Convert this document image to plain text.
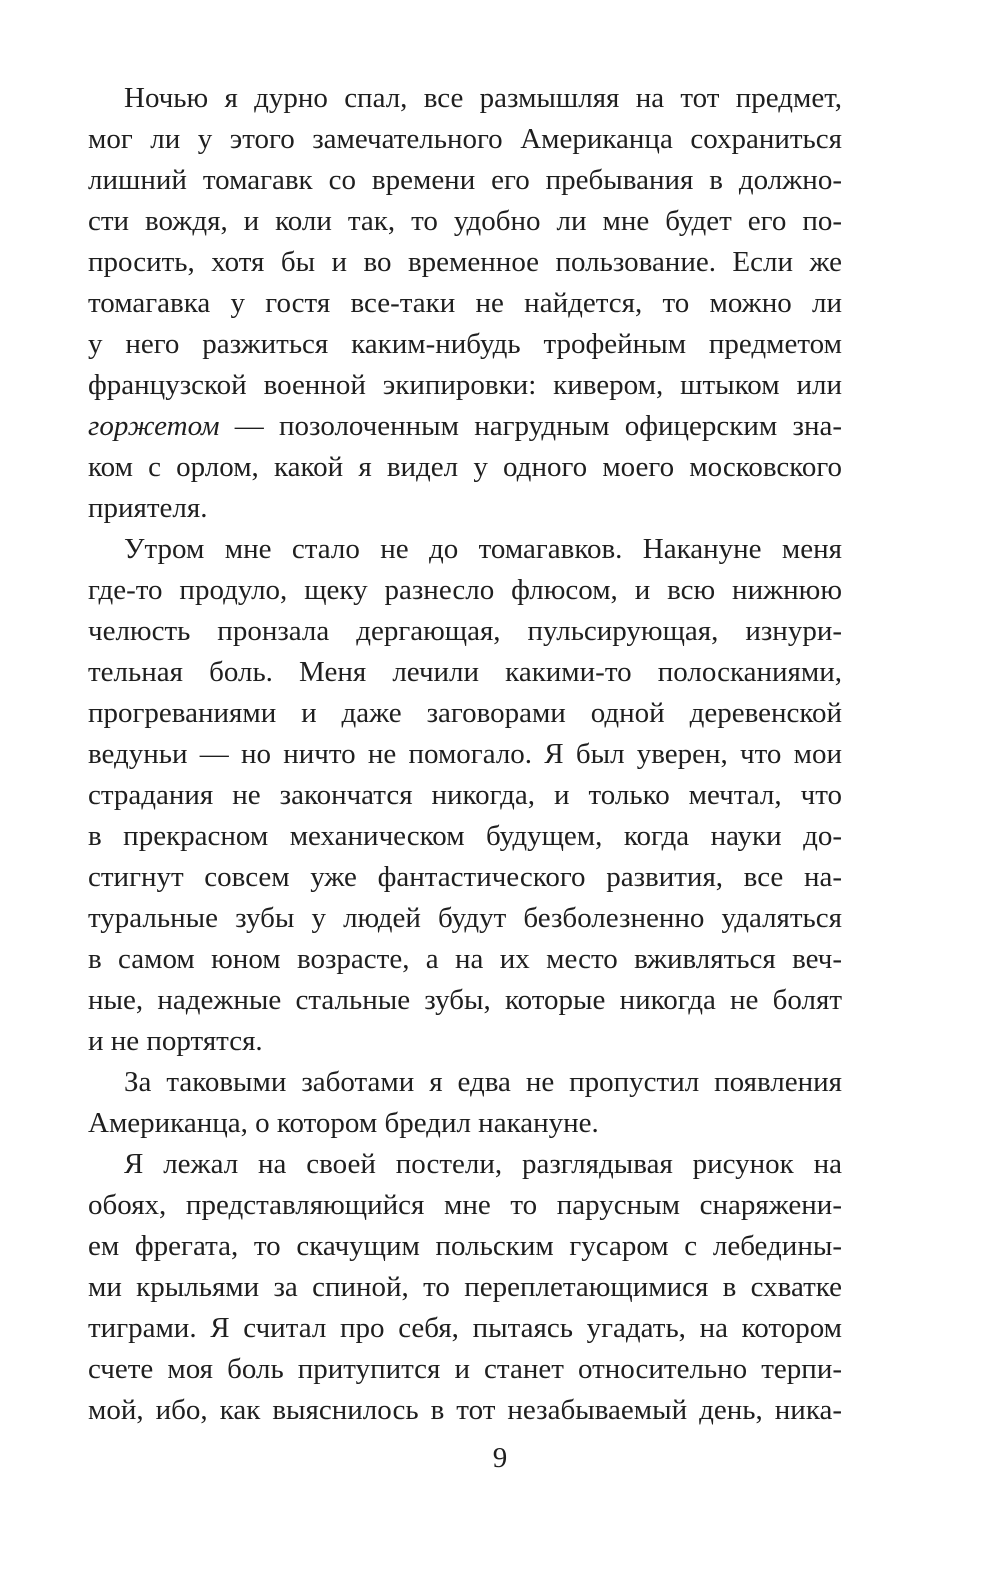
Ночью я дурно спал, все размышляя на тот предмет,
мог ли у этого замечательного Американца сохраниться
лишний томагавк со времени его пребывания в должно-
сти вождя, и коли так, то удобно ли мне будет его по-
просить, хотя бы и во временное пользование. Если же
томагавка у гостя все-таки не найдется, то можно ли
у него разжиться каким-нибудь трофейным предметом
французской военной экипировки: кивером, штыком или
горжетом — позолоченным нагрудным офицерским зна-
ком с орлом, какой я видел у одного моего московского
приятеля.
Утром мне стало не до томагавков. Накануне меня
где-то продуло, щеку разнесло флюсом, и всю нижнюю
челюсть пронзала дергающая, пульсирующая, изнури-
тельная боль. Меня лечили какими-то полосканиями,
прогреваниями и даже заговорами одной деревенской
ведуньи — но ничто не помогало. Я был уверен, что мои
страдания не закончатся никогда, и только мечтал, что
в прекрасном механическом будущем, когда науки до-
стигнут совсем уже фантастического развития, все на-
туральные зубы у людей будут безболезненно удаляться
в самом юном возрасте, а на их место вживляться веч-
ные, надежные стальные зубы, которые никогда не болят
и не портятся.
За таковыми заботами я едва не пропустил появления
Американца, о котором бредил накануне.
Я лежал на своей постели, разглядывая рисунок на
обоях, представляющийся мне то парусным снаряжени-
ем фрегата, то скачущим польским гусаром с лебедины-
ми крыльями за спиной, то переплетающимися в схватке
тиграми. Я считал про себя, пытаясь угадать, на котором
счете моя боль притупится и станет относительно терпи-
мой, ибо, как выяснилось в тот незабываемый день, ника-
9
